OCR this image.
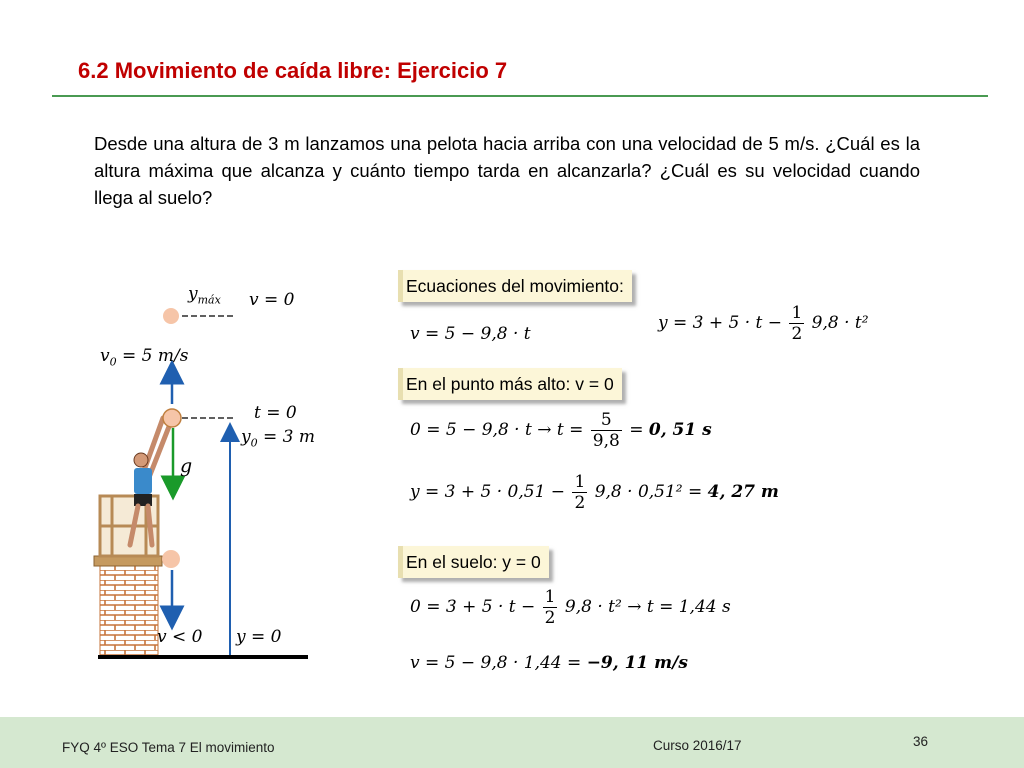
6.2 Movimiento de caída libre: Ejercicio 7
Desde una altura de 3 m lanzamos una pelota hacia arriba con una velocidad de 5 m/s. ¿Cuál es la altura máxima que alcanza y cuánto tiempo tarda en alcanzarla? ¿Cuál es su velocidad cuando llega al suelo?
$y_{máx}$ v = 0
$v_0 = 5$ m/s
t = 0
$y_0 = 3$ m
g
v < 0 y = 0
Ecuaciones del movimiento:
v = 5 − 9,8 · t
$y = 3 + 5 \cdot t - \frac{1}{2} 9,8 \cdot t^2$
En el punto más alto: v = 0
$0 = 5 - 9,8 \cdot t \to t = \frac{5}{9,8} = 0$, 51 s
$y = 3 + 5 \cdot 0,51 - \frac{1}{2} 9,8 \cdot 0,51^2 = 4$, 27 m
En el suelo: y = 0
$0 = 3 + 5 \cdot t - \frac{1}{2} 9,8 \cdot t^2 \to t = 1,44$ s
v = 5 − 9,8 · 1,44 = −9, 11 m/s
FYQ 4º ESO Tema 7 El movimiento	Curso 2016/17	36
